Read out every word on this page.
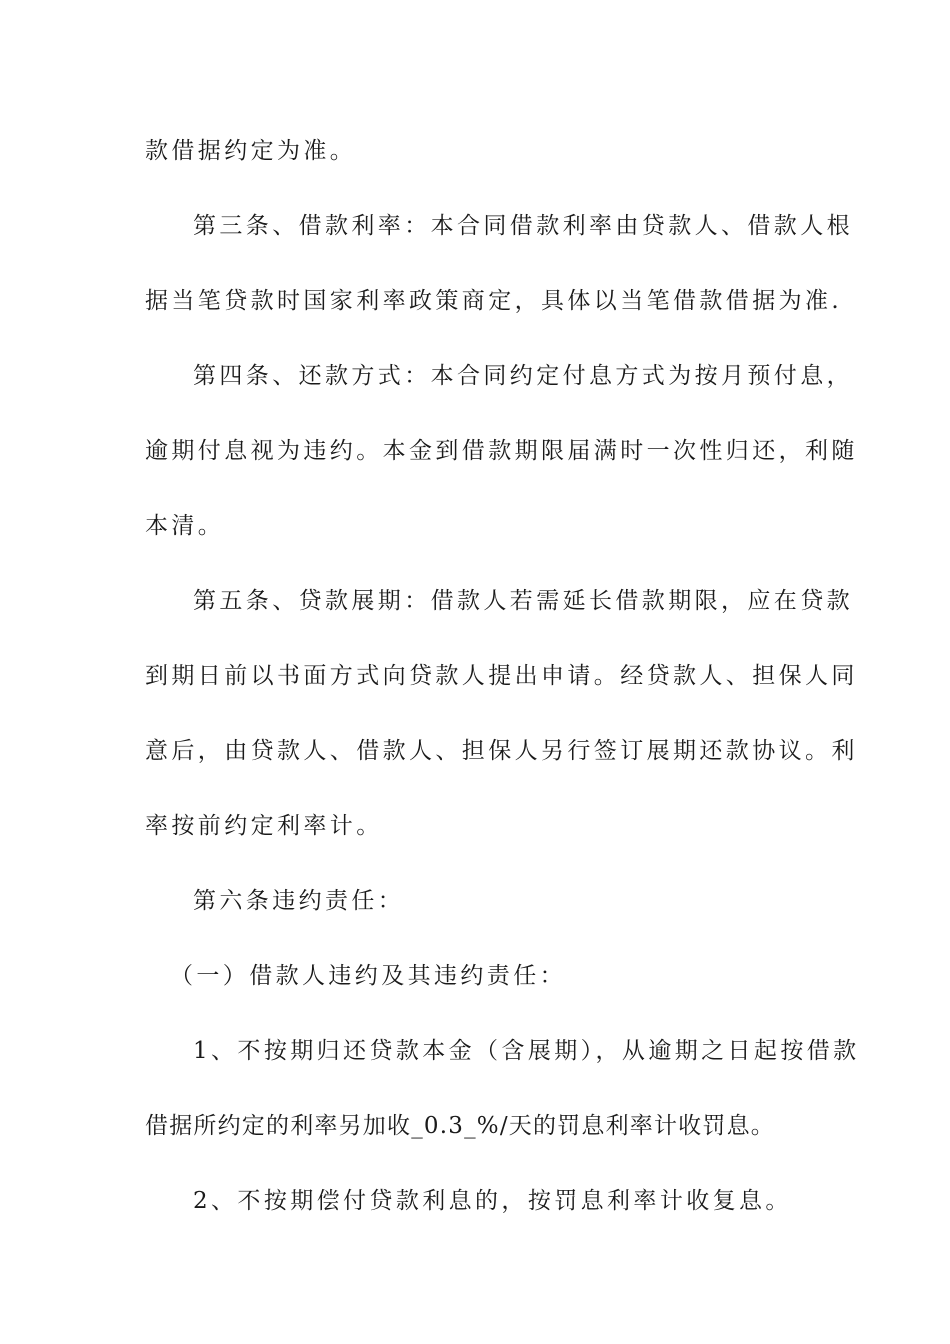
款借据约定为准。
第三条、借款利率：本合同借款利率由贷款人、借款人根
据当笔贷款时国家利率政策商定，具体以当笔借款借据为准.
第四条、还款方式：本合同约定付息方式为按月预付息，
逾期付息视为违约。本金到借款期限届满时一次性归还，利随
本清。
第五条、贷款展期：借款人若需延长借款期限，应在贷款
到期日前以书面方式向贷款人提出申请。经贷款人、担保人同
意后，由贷款人、借款人、担保人另行签订展期还款协议。利
率按前约定利率计。
第六条违约责任：
（一）借款人违约及其违约责任：
1、不按期归还贷款本金（含展期），从逾期之日起按借款
借据所约定的利率另加收_0.3_%/天的罚息利率计收罚息。
2、不按期偿付贷款利息的，按罚息利率计收复息。
